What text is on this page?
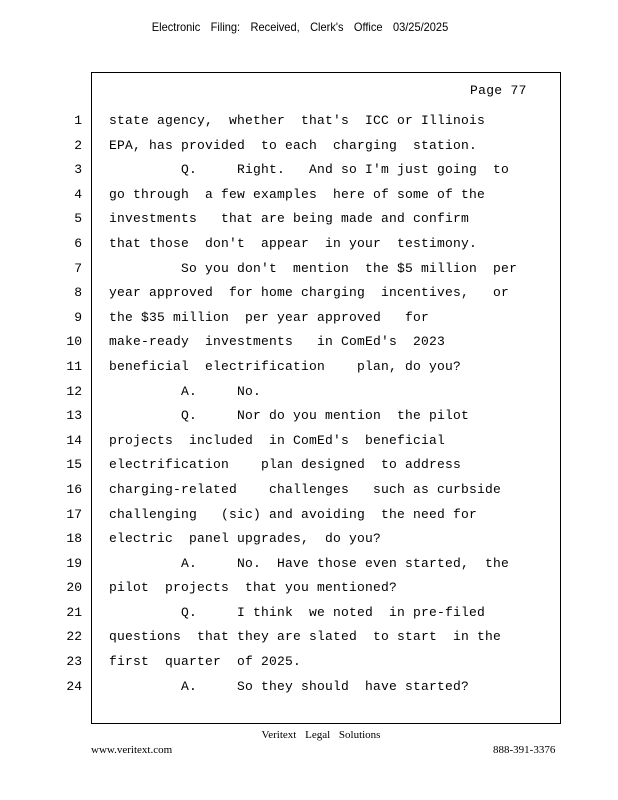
Electronic Filing: Received, Clerk's Office 03/25/2025
Page 77
1 state agency,  whether  that's  ICC or Illinois
2 EPA, has provided  to each  charging  station.
3 Q.     Right.   And so I'm just going  to
4 go through  a few examples  here of some of the
5 investments   that are being made and confirm
6 that those  don't  appear  in your  testimony.
7 So you don't  mention  the $5 million  per
8 year approved  for home charging  incentives,   or
9 the $35 million  per year approved   for
10 make-ready  investments   in ComEd's  2023
11 beneficial  electrification    plan, do you?
12 A.     No.
13 Q.     Nor do you mention  the pilot
14 projects  included  in ComEd's  beneficial
15 electrification    plan designed  to address
16 charging-related    challenges   such as curbside
17 challenging   (sic) and avoiding  the need for
18 electric  panel upgrades,  do you?
19 A.     No.  Have those even started,  the
20 pilot  projects  that you mentioned?
21 Q.     I think  we noted  in pre-filed
22 questions  that they are slated  to start  in the
23 first  quarter  of 2025.
24 A.     So they should  have started?
Veritext Legal Solutions
www.veritext.com	888-391-3376
